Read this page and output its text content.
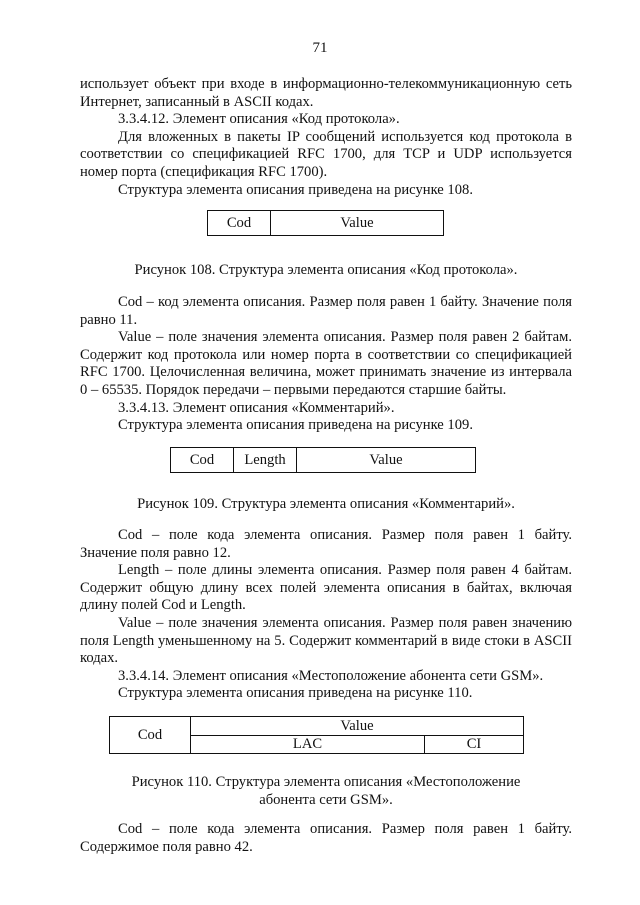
71

использует объект при входе в информационно-телекоммуникационную сеть

Интернет, записанный в ASCII кодах.

3.3.4.12. Элемент описания «Код протокола».

Для вложенных в пакеты IP сообщений используется код протокола в соответствии со спецификацией RFC 1700, для TCP и UDP используется номер порта (спецификация RFC 1700).

Структура элемента описания приведена на рисунке 108.

Cod	Value
Рисунок 108. Структура элемента описания «Код протокола».

Cod – код элемента описания. Размер поля равен 1 байту. Значение поля равно 11.

Value – поле значения элемента описания. Размер поля равен 2 байтам. Содержит код протокола или номер порта в соответствии со спецификацией RFC 1700. Целочисленная величина, может принимать значение из интервала 0 – 65535. Порядок передачи – первыми передаются старшие байты.

3.3.4.13. Элемент описания «Комментарий».

Структура элемента описания приведена на рисунке 109.

Cod	Length	Value
Рисунок 109. Структура элемента описания «Комментарий».

Cod – поле кода элемента описания. Размер поля равен 1 байту. Значение поля равно 12.

Length – поле длины элемента описания. Размер поля равен 4 байтам. Содержит общую длину всех полей элемента описания в байтах, включая длину полей Cod и Length.

Value – поле значения элемента описания. Размер поля равен значению поля Length уменьшенному на 5. Содержит комментарий в виде стоки в ASCII кодах.

3.3.4.14. Элемент описания «Местоположение абонента сети GSM».

Структура элемента описания приведена на рисунке 110.

Cod	Value	
	LAC	CI
Рисунок 110. Структура элемента описания «Местоположение
абонента сети GSM».

Cod – поле кода элемента описания. Размер поля равен 1 байту. Содержимое поля равно 42.
